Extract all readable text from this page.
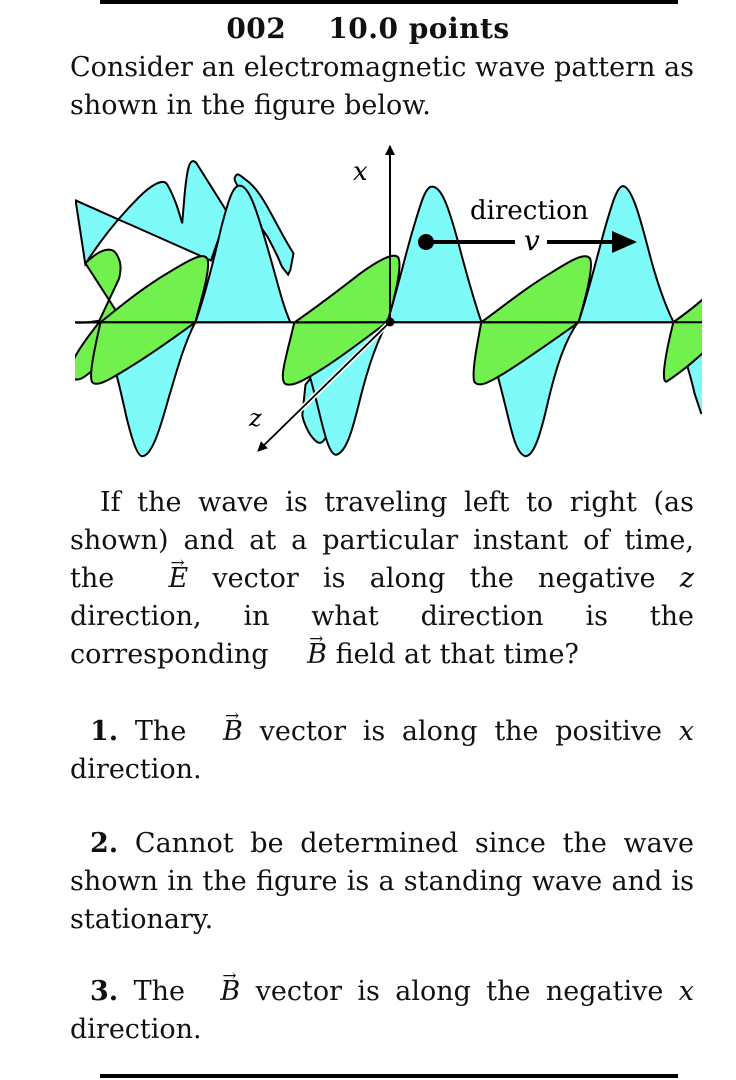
002 10.0 points

Consider an electromagnetic wave pattern as shown in the figure below.

x
z
direction
v

If the wave is traveling left to right (as shown) and at a particular instant of time, the → E vector is along the negative z direction, in what direction is the corresponding → B field at that time?

1. The → B vector is along the positive x direction.

2. Cannot be determined since the wave shown in the figure is a standing wave and is stationary.

3. The → B vector is along the negative x direction.
